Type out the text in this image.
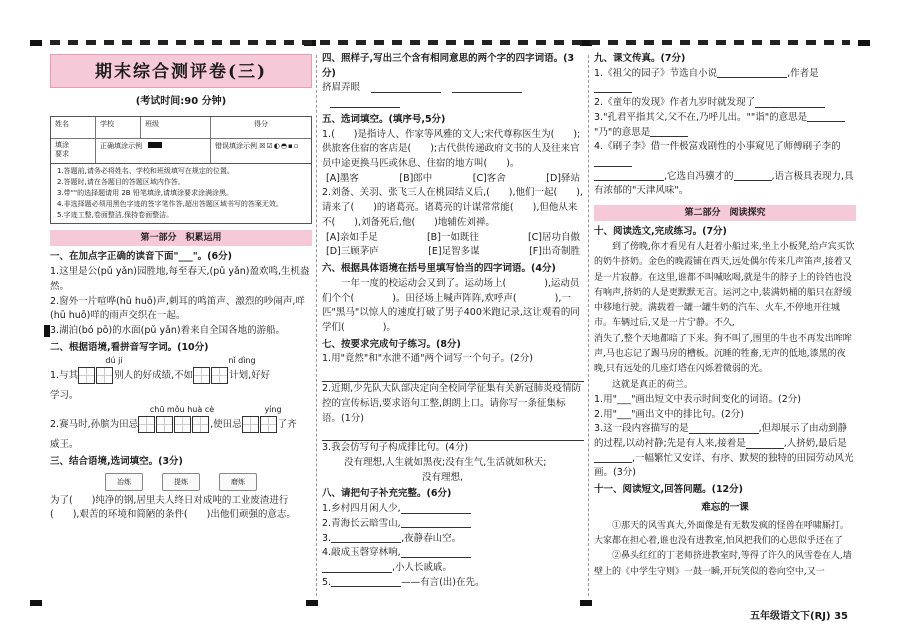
期末综合测评卷(三)
(考试时间:90 分钟)
姓名	学校	班级	得分
填涂
要求
正确填涂示例	错误填涂示例 ☒☑◐◓▪▫
1.答题前,请务必将姓名、学校和班级填写在规定的位置。
2.答题时,请在各题目的答题区域内作答。
3.带""的选择题请用 2B 铅笔填涂,请填涂要求涂满涂黑。
4.非选择题必须用黑色字迹的签字笔作答,超出答题区域书写的答案无效。
5.字迹工整,卷面整洁,保持卷面整洁。
第一部分　积累运用
一、在加点字正确的读音下面"___"。(6分)
1.这里是公(pǔ yǎn)园胜地,每至春天,(pǔ yǎn)盈欢鸣,生机盎然。
2.窗外一片喧哗(hū huō)声,刺耳的鸣笛声、激烈的吵闹声,咩(hū huō)咩的雨声交织在一起。
3.湖泊(bó pō)的水面(pǔ yǎn)着来自全国各地的游船。
二、根据语境,看拼音写字词。(10分)
dú jí	nǐ dìng
1.与其	别人的好成绩,不如	计划,好好
学习。
chū mǒu huà cè	yíng
2.赛马时,孙膑为田忌	,使田忌	了齐
威王。
三、结合语境,选词填空。(3分)
冶炼	提炼	磨炼
为了(　　)纯净的钢,居里夫人终日对成吨的工业废渣进行(　　),艰苦的环境和简陋的条件(　　)出他们顽强的意志。
四、照样子,写出三个含有相同意思的两个字的四字词语。(3分)
挤眉弄眼
五、选词填空。(填序号,5分)
1.(　　)是指诗人、作家等风雅的文人;宋代尊称医生为(　　);供旅客住宿的客店是(　　);古代供传递政府文书的人及往来官员中途更换马匹或休息、住宿的地方叫(　　)。
[A]墨客	[B]郎中	[C]客舍	[D]驿站
2.刘备、关羽、张飞三人在桃园结义后,(　　),他们一起(　　),请来了(　　)的诸葛亮。诸葛亮的计谋常常能(　　),但他从来不(　　),刘备死后,他(　　)地辅佐刘禅。
[A]亲如手足	[B]一如既往	[C]居功自傲
[D]三顾茅庐	[E]足智多谋	[F]出奇制胜
六、根据具体语境在括号里填写恰当的四字词语。(4分)
一年一度的校运动会又到了。运动场上(　　　　),运动员们个个(　　　　)。田径场上喊声阵阵,欢呼声(　　　　),一匹"黑马"以惊人的速度打破了男子400米跑记录,这让观看的同学们(　　　　)。
七、按要求完成句子练习。(8分)
1.用"竟然"和"水泄不通"两个词写一个句子。(2分)
2.近期,少先队大队部决定向全校同学征集有关新冠肺炎疫情防控的宣传标语,要求语句工整,朗朗上口。请你写一条征集标语。(1分)
3.我会仿写句子构成排比句。(4分)
没有理想,人生就如黑夜;没有生气,生活就如秋天;
没有理想,
八、请把句子补充完整。(6分)
1.乡村四月闲人少,
2.青海长云暗雪山,
3.	,夜静春山空。
4.敲成玉磬穿林响,
,小人长戚戚。
5.	——有言(出)在先。
九、课文传真。(7分)
1.《祖父的园子》节选自小说	,作者是
2.《童年的发现》作者九岁时就发现了
3."孔君平指其父,父不在,乃呼儿出。""诣"的意思是
"乃"的意思是
4.《刷子李》借一件极富戏剧性的小事窥见了师傅刷子李的
,它选自冯骥才的	,语言极具表现力,具有浓郁的"天津风味"。
第二部分　阅读探究
十、阅读选文,完成练习。(7分)
到了傍晚,你才看见有人赶着小船过来,坐上小板凳,给卢宾买饮的奶牛挤奶。金色的晚霞铺在西天,远处偶尔传来几声笛声,接着又是一片寂静。在这里,谁都不叫喊吆喝,就是牛的脖子上的铃铛也没有响声,挤奶的人是更默默无言。运河之中,装满奶桶的船只在舒缓中移地行驶。满载着一罐一罐牛奶的汽车、火车,不停地开往城市。车辆过后,又是一片宁静。不久,
消失了,整个天地都暗了下来。狗不叫了,围里的牛也不再发出哞哞声,马也忘记了踢马房的槽板。沉睡的牲畜,无声的低地,漆黑的夜晚,只有远处的几座灯塔在闪烁着微弱的光。
这就是真正的荷兰。
1.用"___"画出短文中表示时间变化的词语。(2分)
2.用"___"画出文中的排比句。(2分)
3.这一段内容描写的是	,但却展示了由动到静的过程,以动衬静;先是有人来,接着是	,人挤奶,最后是,一幅繁忙又安详、有序、默契的独特的田园劳动风光画。(3分)
十一、阅读短文,回答问题。(12分)
难忘的一课
①那天的风雪真大,外面像是有无数发疯的怪兽在呼啸厮打。大家都在担心着,谁也没有进教室,怕风把我们的心思似乎还在了
②鼻头红红的丁老师挤进教室时,等得了许久的风雪卷在人,墙壁上的《中学生守则》一鼓一瞬,开玩笑似的卷向空中,又一
五年级语文下(RJ) 35
